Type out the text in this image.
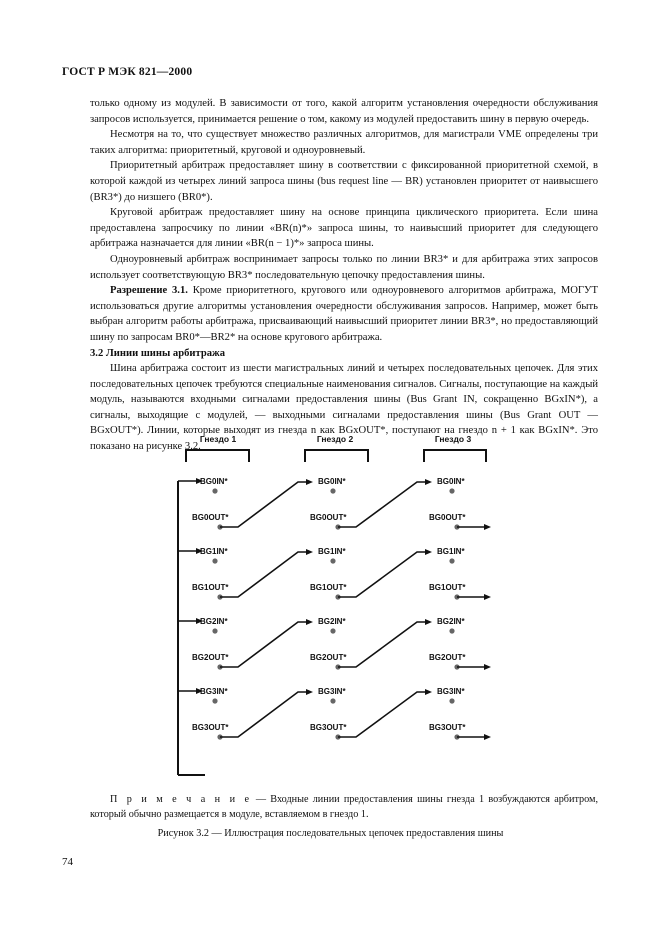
ГОСТ Р МЭК 821—2000

только одному из модулей. В зависимости от того, какой алгоритм установления очередности обслуживания запросов используется, принимается решение о том, какому из модулей предоставить шину в первую очередь.

Несмотря на то, что существует множество различных алгоритмов, для магистрали VME определены три таких алгоритма: приоритетный, круговой и одноуровневый.

Приоритетный арбитраж предоставляет шину в соответствии с фиксированной приоритетной схемой, в которой каждой из четырех линий запроса шины (bus request line — BR) установлен приоритет от наивысшего (BR3*) до низшего (BR0*).

Круговой арбитраж предоставляет шину на основе принципа циклического приоритета. Если шина предоставлена запросчику по линии «BR(n)*» запроса шины, то наивысший приоритет для следующего арбитража назначается для линии «BR(n − 1)*» запроса шины.

Одноуровневый арбитраж воспринимает запросы только по линии BR3* и для арбитража этих запросов использует соответствующую BR3* последовательную цепочку предоставления шины.

Разрешение 3.1. Кроме приоритетного, кругового или одноуровневого алгоритмов арбитража, МОГУТ использоваться другие алгоритмы установления очередности обслуживания запросов. Например, может быть выбран алгоритм работы арбитража, присваивающий наивысший приоритет линии BR3*, но предоставляющий шину по запросам BR0*—BR2* на основе кругового арбитража.

3.2 Линии шины арбитража

Шина арбитража состоит из шести магистральных линий и четырех последовательных цепочек. Для этих последовательных цепочек требуются специальные наименования сигналов. Сигналы, поступающие на каждый модуль, называются входными сигналами предоставления шины (Bus Grant IN, сокращенно BGxIN*), а сигналы, выходящие с модулей, — выходными сигналами предоставления шины (Bus Grant OUT — BGxOUT*). Линии, которые выходят из гнезда n как BGxOUT*, поступают на гнездо n + 1 как BGxIN*. Это показано на рисунке 3.2.

Гнездо 1	Гнездо 2	Гнездо 3
BG0IN*
BG0OUT*
BG0IN*
BG0OUT*
BG0IN*
BG0OUT*
BG1IN*
BG1OUT*
BG1IN*
BG1OUT*
BG1IN*
BG1OUT*
BG2IN*
BG2OUT*
BG2IN*
BG2OUT*
BG2IN*
BG2OUT*
BG3IN*
BG3OUT*
BG3IN*
BG3OUT*
BG3IN*
BG3OUT*
П р и м е ч а н и е — Входные линии предоставления шины гнезда 1 возбуждаются арбитром, который обычно размещается в модуле, вставляемом в гнездо 1.
Рисунок 3.2 — Иллюстрация последовательных цепочек предоставления шины
74
